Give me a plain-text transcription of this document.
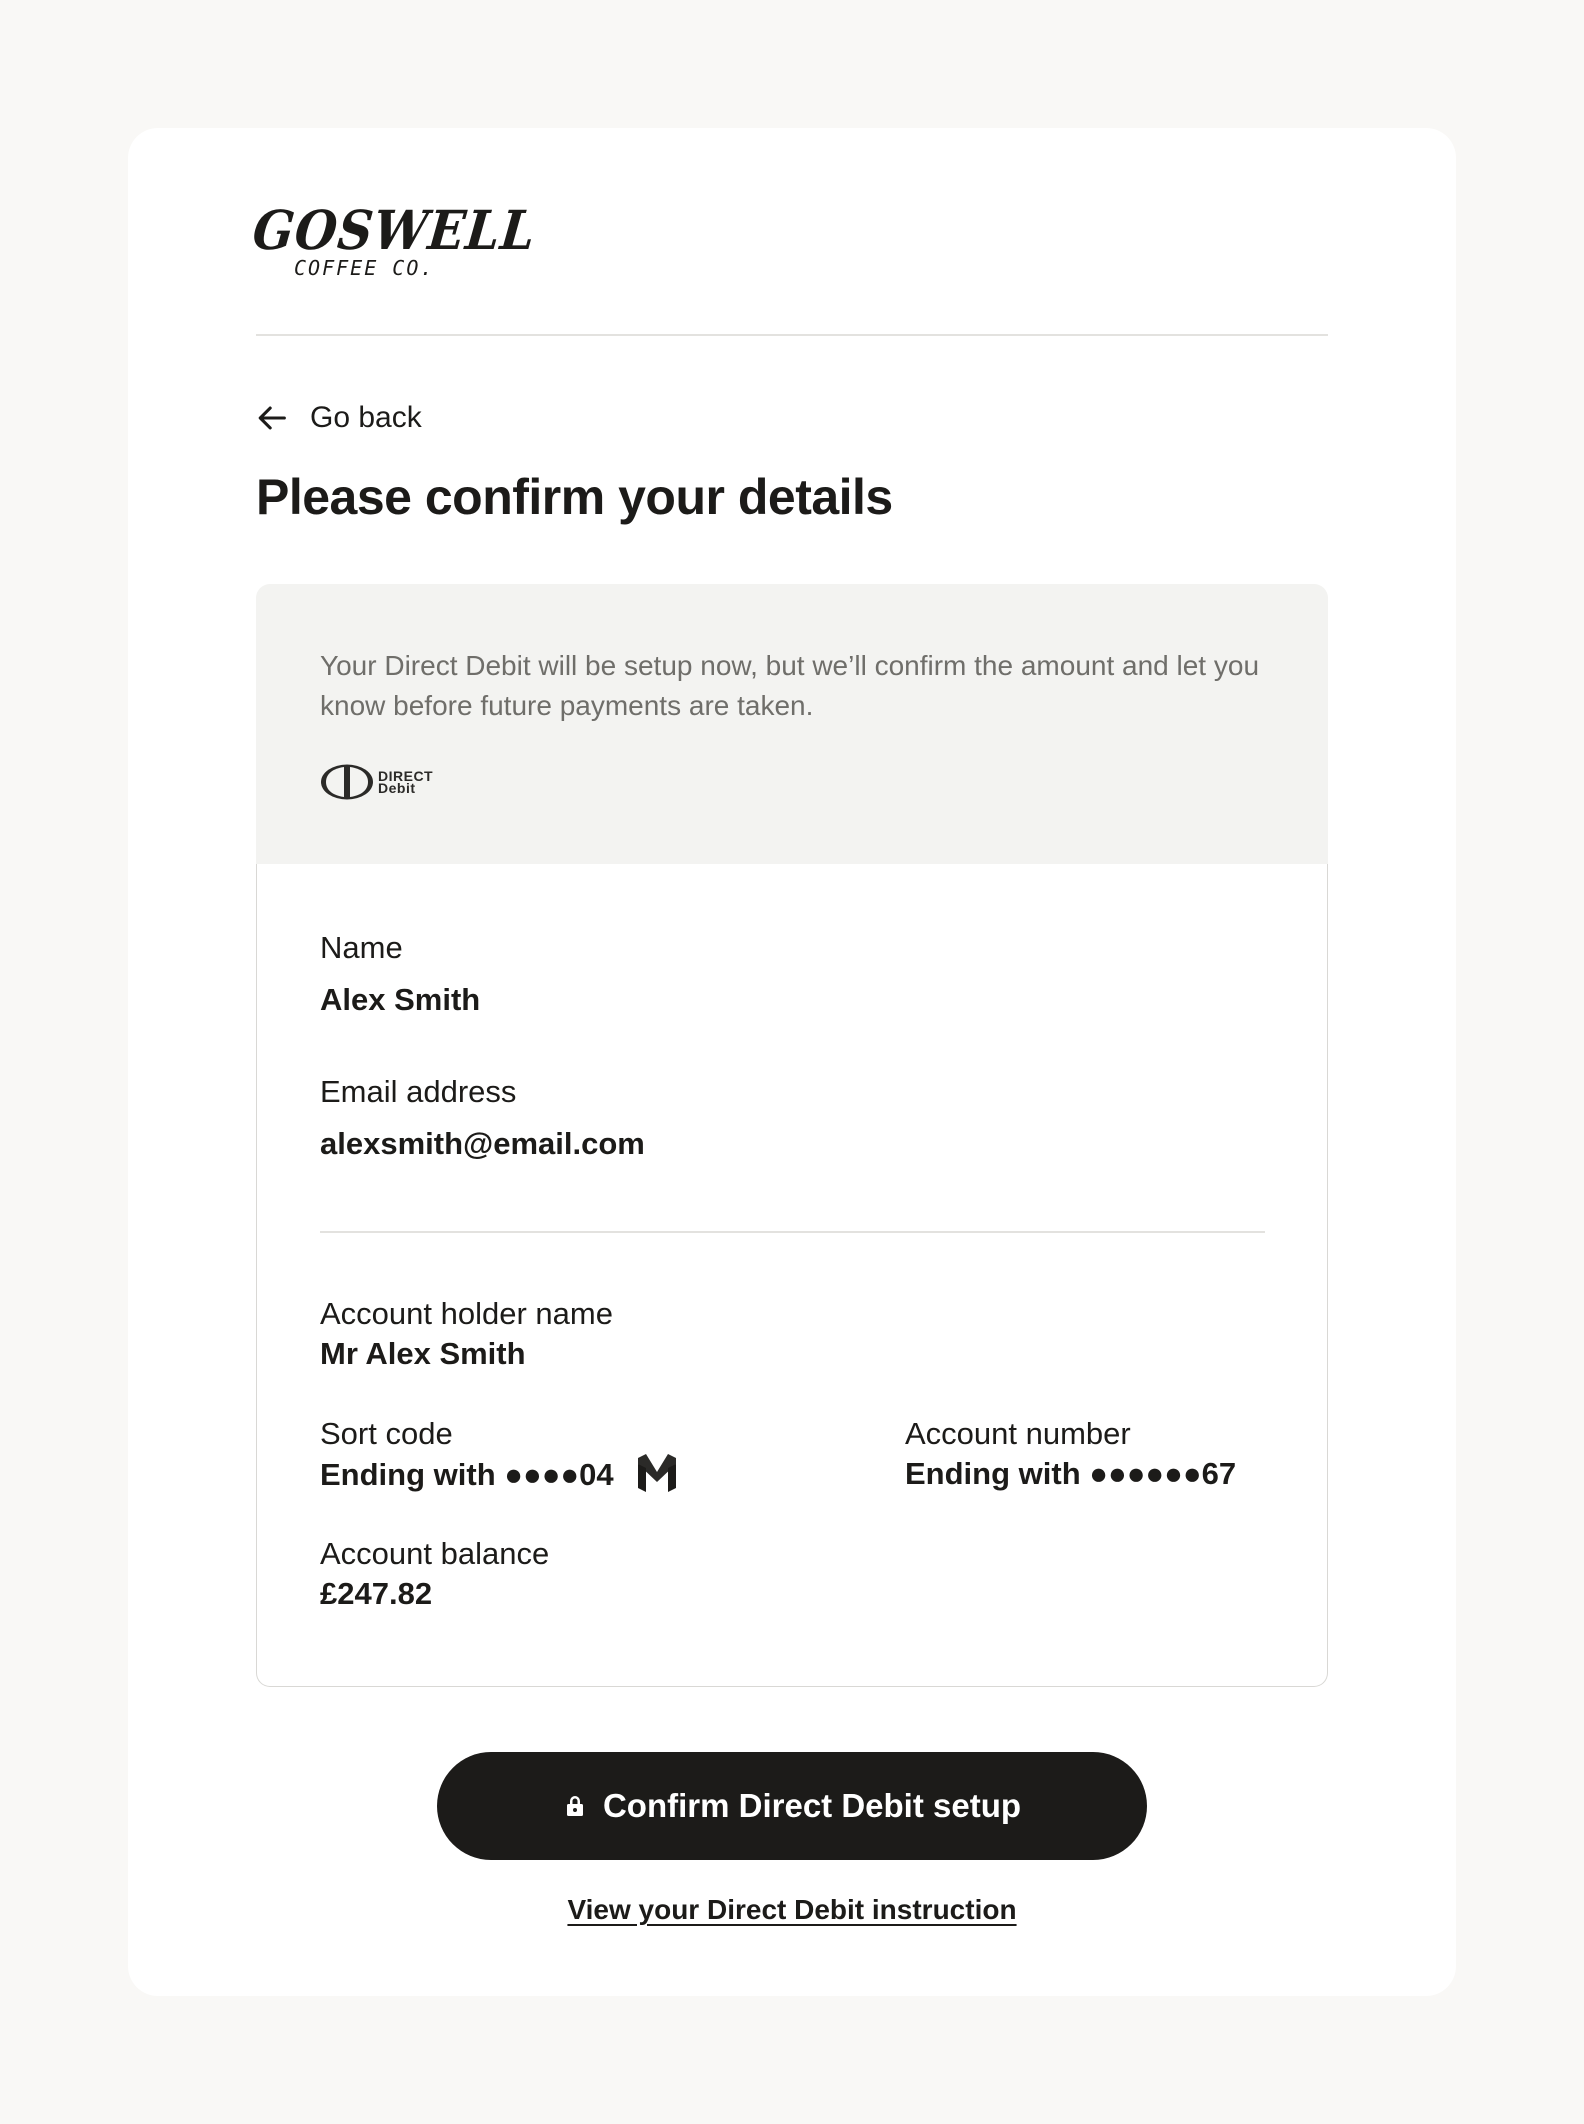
GOSWELL
COFFEE CO.
Go back
Please confirm your details

Your Direct Debit will be setup now, but we’ll confirm the amount and let you know before future payments are taken.

DIRECT
Debit
Name
Alex Smith
Email address
alexsmith@email.com
Account holder name
Mr Alex Smith
Sort code
Ending with ●●●●04
Account number
Ending with ●●●●●●67
Account balance
£247.82
Confirm Direct Debit setup
View your Direct Debit instruction
